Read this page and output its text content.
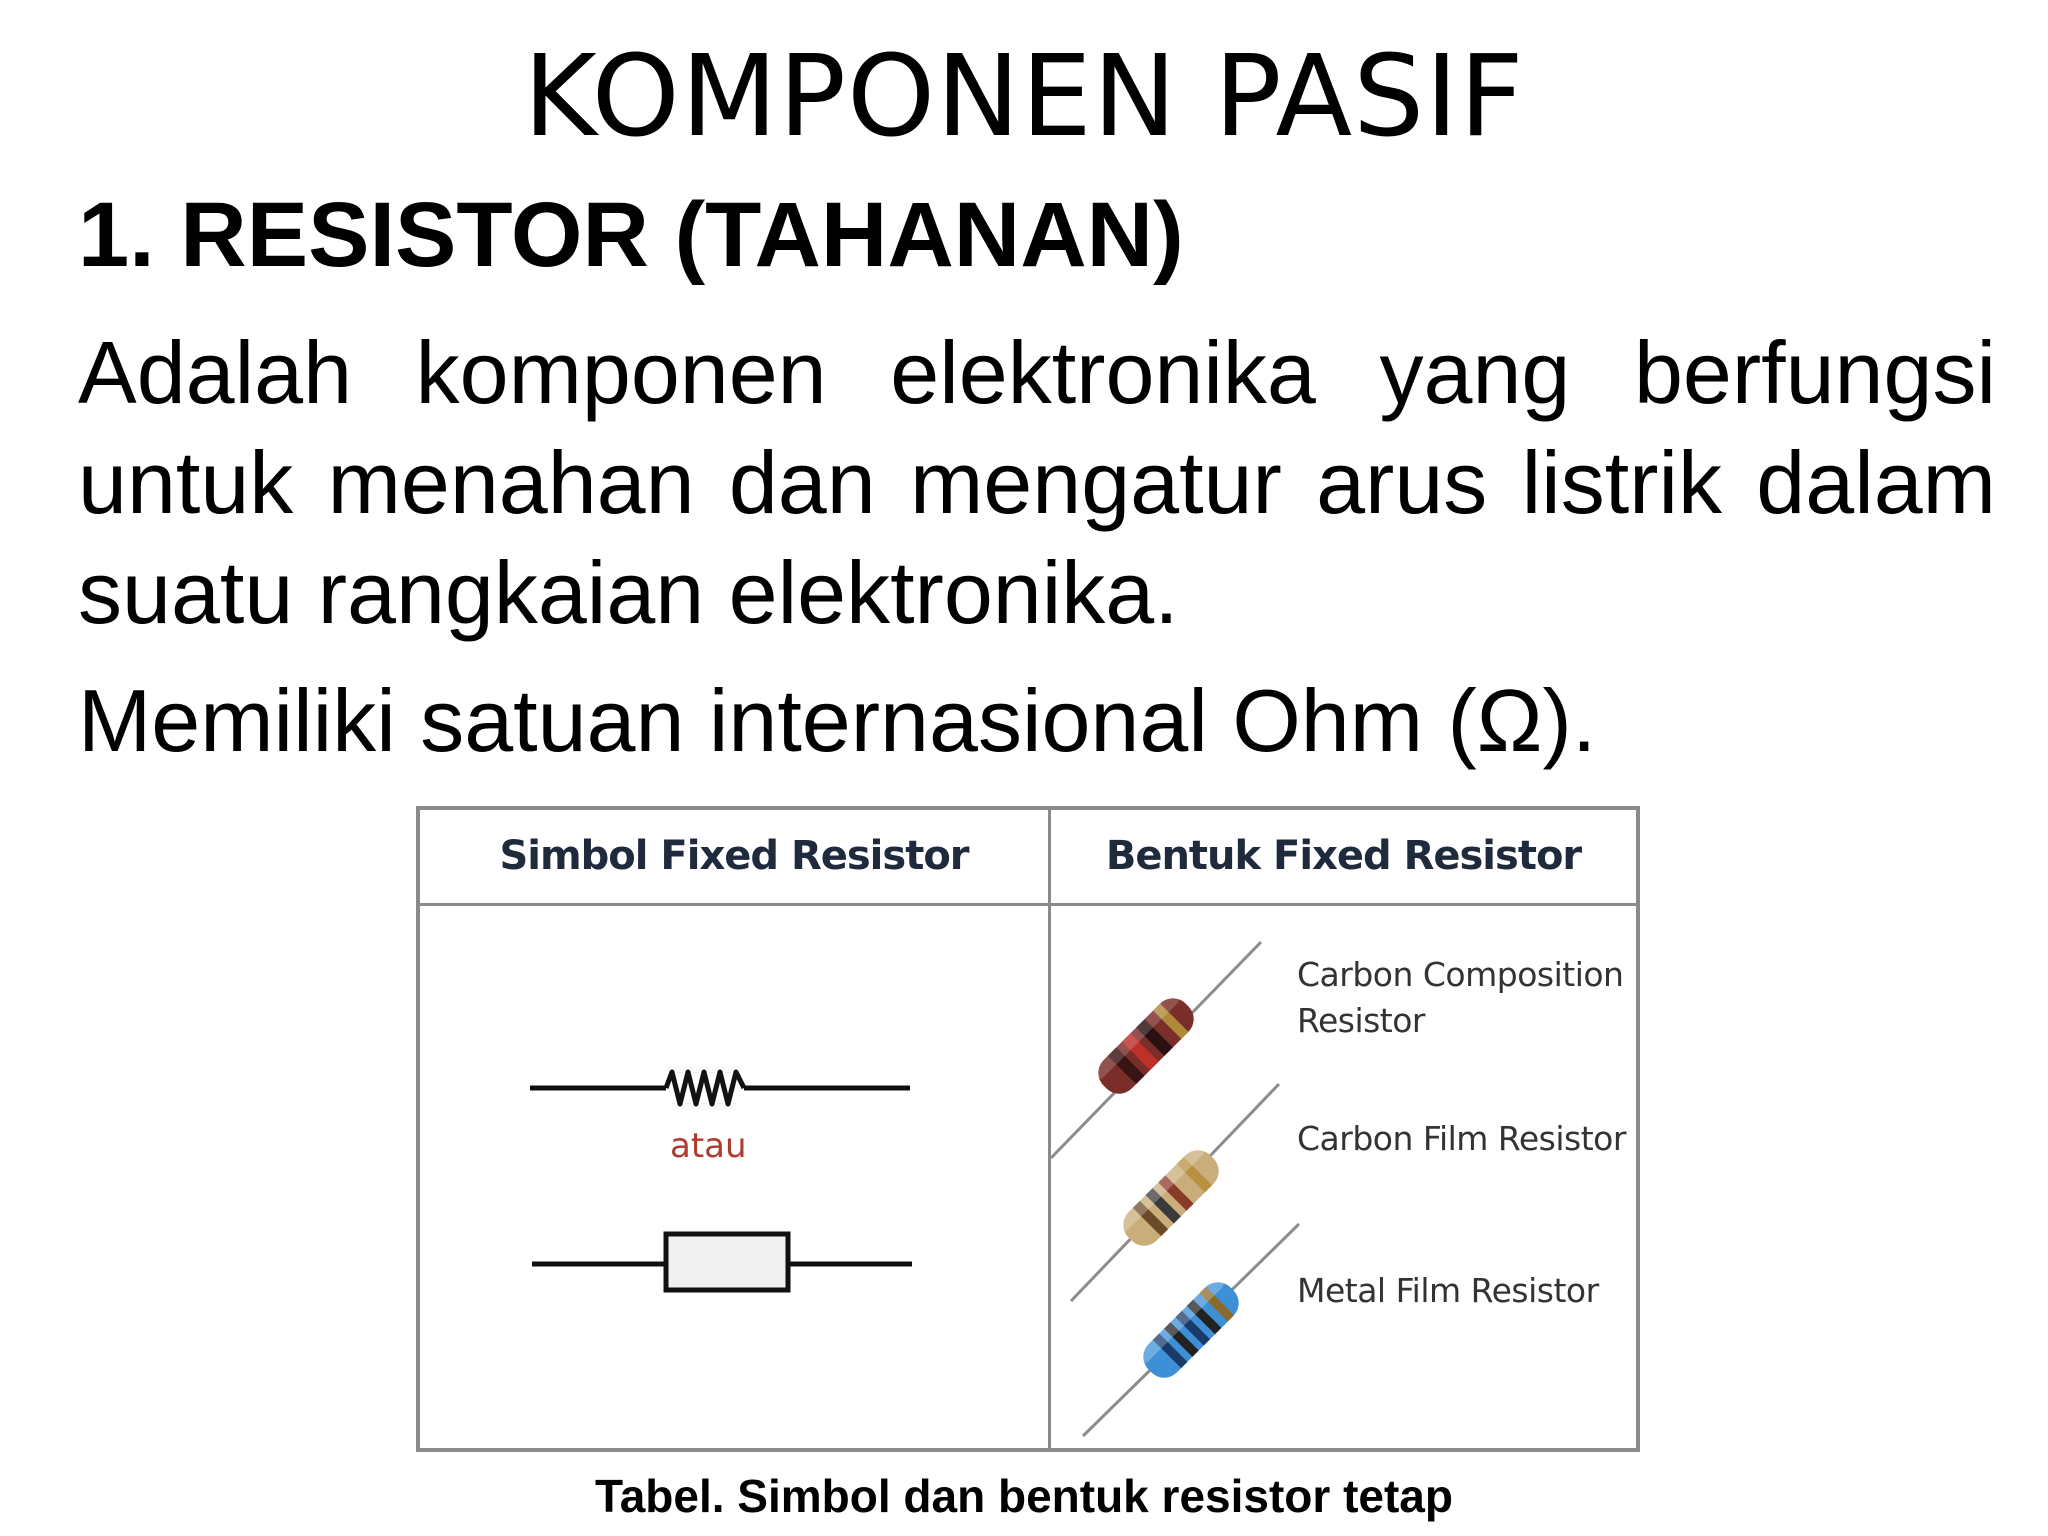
KOMPONEN PASIF
1. RESISTOR (TAHANAN)
Adalah komponen elektronika yang berfungsi untuk menahan dan mengatur arus listrik dalam suatu rangkaian elektronika.
Memiliki satuan internasional Ohm (Ω).
Simbol Fixed Resistor	Bentuk Fixed Resistor
atau
Carbon Composition
Resistor
Carbon Film Resistor
Metal Film Resistor
Tabel. Simbol dan bentuk resistor tetap
